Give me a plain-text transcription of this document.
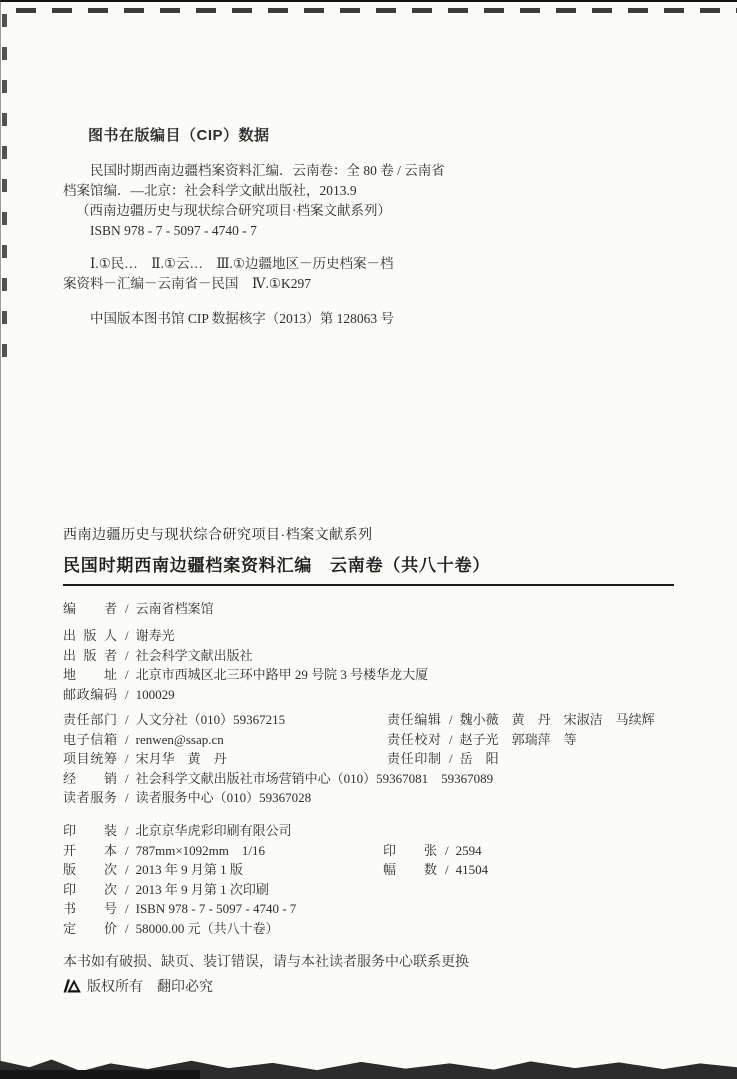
图书在版编目（CIP）数据
民国时期西南边疆档案资料汇编．云南卷：全 80 卷 / 云南省
档案馆编．—北京：社会科学文献出版社，2013.9
（西南边疆历史与现状综合研究项目·档案文献系列）
ISBN 978 - 7 - 5097 - 4740 - 7
Ⅰ.①民…　Ⅱ.①云…　Ⅲ.①边疆地区－历史档案－档
案资料－汇编－云南省－民国　Ⅳ.①K297
中国版本图书馆 CIP 数据核字（2013）第 128063 号
西南边疆历史与现状综合研究项目·档案文献系列
民国时期西南边疆档案资料汇编　云南卷（共八十卷）
编者 / 云南省档案馆
出版人 / 谢寿光
出版者 / 社会科学文献出版社
地址 / 北京市西城区北三环中路甲 29 号院 3 号楼华龙大厦
邮政编码 / 100029
责任部门 / 人文分社（010）59367215
电子信箱 / renwen@ssap.cn
项目统筹 / 宋月华　黄　丹
经销 / 社会科学文献出版社市场营销中心（010）59367081　59367089
读者服务 / 读者服务中心（010）59367028
责任编辑 / 魏小薇　黄　丹　宋淑洁　马续辉
责任校对 / 赵子光　郭瑞萍　等
责任印制 / 岳　阳
印装 / 北京京华虎彩印刷有限公司
开本 / 787mm×1092mm　1/16
版次 / 2013 年 9 月第 1 版
印次 / 2013 年 9 月第 1 次印刷
书号 / ISBN 978 - 7 - 5097 - 4740 - 7
定价 / 58000.00 元（共八十卷）
印张 / 2594
幅数 / 41504
本书如有破损、缺页、装订错误，请与本社读者服务中心联系更换
版权所有　翻印必究
